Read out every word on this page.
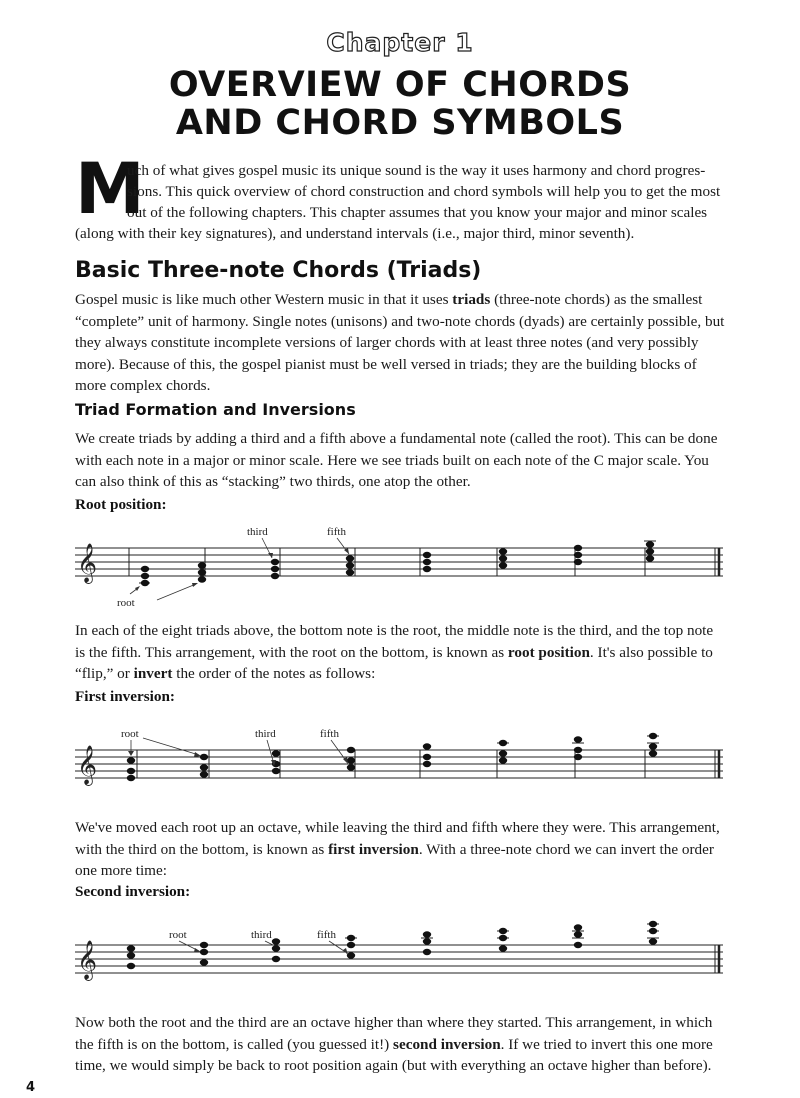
Chapter 1
OVERVIEW OF CHORDS
AND CHORD SYMBOLS
M
uch of what gives gospel music its unique sound is the way it uses harmony and chord progres-
sions. This quick overview of chord construction and chord symbols will help you to get the most
out of the following chapters. This chapter assumes that you know your major and minor scales
(along with their key signatures), and understand intervals (i.e., major third, minor seventh).
Basic Three-note Chords (Triads)
Gospel music is like much other Western music in that it uses triads (three-note chords) as the smallest “complete” unit of harmony. Single notes (unisons) and two-note chords (dyads) are certainly possible, but they always constitute incomplete versions of larger chords with at least three notes (and very possibly more). Because of this, the gospel pianist must be well versed in triads; they are the building blocks of more complex chords.
Triad Formation and Inversions
We create triads by adding a third and a fifth above a fundamental note (called the root). This can be done with each note in a major or minor scale. Here we see triads built on each note of the C major scale. You can also think of this as “stacking” two thirds, one atop the other.
Root position:
𝄞
third	fifth
root
In each of the eight triads above, the bottom note is the root, the middle note is the third, and the top note is the fifth. This arrangement, with the root on the bottom, is known as root position. It's also possible to “flip,” or invert the order of the notes as follows:
First inversion:
𝄞
root	third	fifth
We've moved each root up an octave, while leaving the third and fifth where they were. This arrangement, with the third on the bottom, is known as first inversion. With a three-note chord we can invert the order one more time:
Second inversion:
𝄞
root	third	fifth
Now both the root and the third are an octave higher than where they started. This arrangement, in which the fifth is on the bottom, is called (you guessed it!) second inversion. If we tried to invert this one more time, we would simply be back to root position again (but with everything an octave higher than before).
4
